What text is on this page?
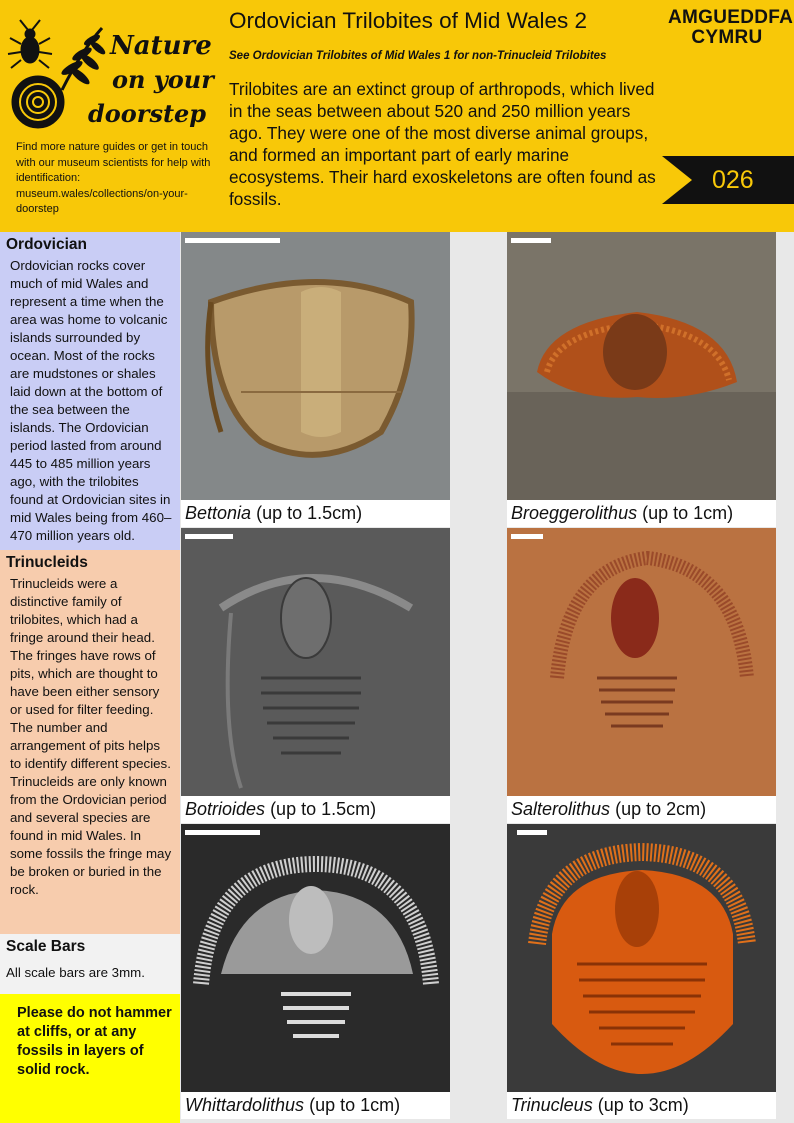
Nature
on your
doorstep
Find more nature guides or get in touch with our museum scientists for help with identification: museum.wales/collections/on-your-doorstep
Ordovician Trilobites of Mid Wales 2
See Ordovician Trilobites of Mid Wales 1 for non-Trinucleid Trilobites
AMGUEDDFA
CYMRU
Trilobites are an extinct group of arthropods, which lived in the seas between about 520 and 250 million years ago. They were one of the most diverse animal groups, and formed an important part of early marine ecosystems. Their hard exoskeletons are often found as fossils.
026
Ordovician
Ordovician rocks cover much of mid Wales and represent a time when the area was home to volcanic islands surrounded by ocean. Most of the rocks are mudstones or shales laid down at the bottom of the sea between the islands. The Ordovician period lasted from around 445 to 485 million years ago, with the trilobites found at Ordovician sites in mid Wales being from 460–470 million years old.
Trinucleids
Trinucleids were a distinctive family of trilobites, which had a fringe around their head. The fringes have rows of pits, which are thought to have been either sensory or used for filter feeding. The number and arrangement of pits helps to identify different species. Trinucleids are only known from the Ordovician period and several species are found in mid Wales. In some fossils the fringe may be broken or buried in the rock.
Scale Bars
All scale bars are 3mm.
Please do not hammer at cliffs, or at any fossils in layers of solid rock.
Bettonia (up to 1.5cm)	Broeggerolithus (up to 1cm)
Botrioides (up to 1.5cm)	Salterolithus (up to 2cm)
Whittardolithus (up to 1cm)	Trinucleus (up to 3cm)
